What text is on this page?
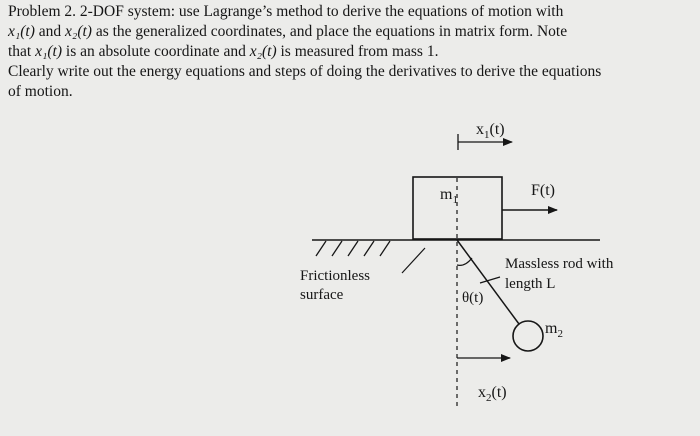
Problem 2. 2-DOF system: use Lagrange’s method to derive the equations of motion with
x₁(t) and x₂(t) as the generalized coordinates, and place the equations in matrix form. Note
that x₁(t) is an absolute coordinate and x₂(t) is measured from mass 1.
Clearly write out the energy equations and steps of doing the derivatives to derive the equations
of motion.
$x_1(t)$
$m_1$
F(t)
Frictionless
surface
$m_2$
θ(t)
Massless rod with
length L
$x_2(t)$
